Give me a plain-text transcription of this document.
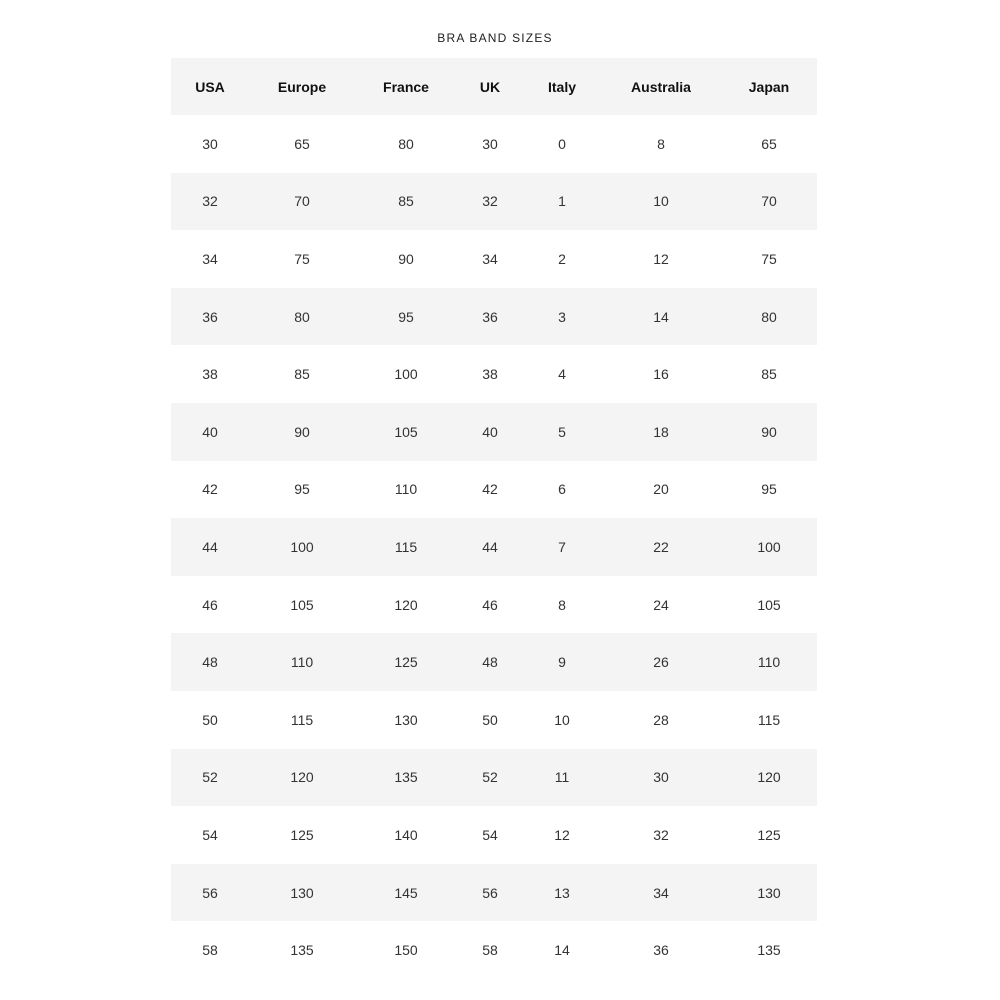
BRA BAND SIZES
USA	Europe	France	UK	Italy	Australia	Japan
30	65	80	30	0	8	65
32	70	85	32	1	10	70
34	75	90	34	2	12	75
36	80	95	36	3	14	80
38	85	100	38	4	16	85
40	90	105	40	5	18	90
42	95	110	42	6	20	95
44	100	115	44	7	22	100
46	105	120	46	8	24	105
48	110	125	48	9	26	110
50	115	130	50	10	28	115
52	120	135	52	11	30	120
54	125	140	54	12	32	125
56	130	145	56	13	34	130
58	135	150	58	14	36	135
